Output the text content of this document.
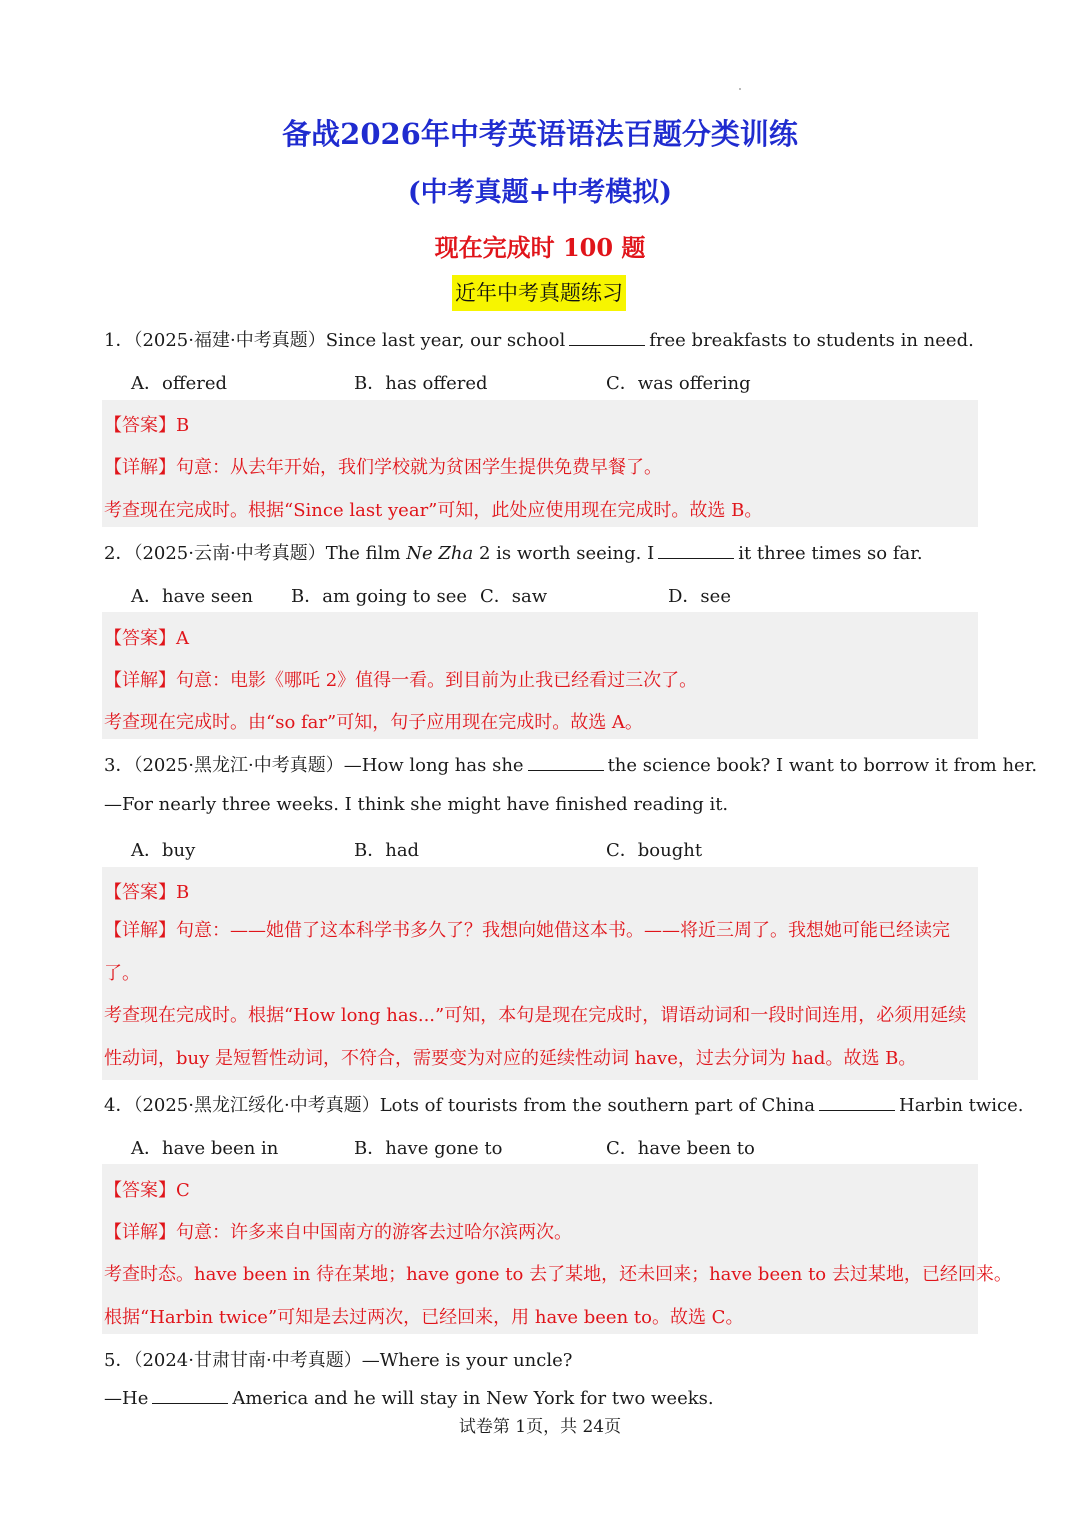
备战2026年中考英语语法百题分类训练
(中考真题+中考模拟)
现在完成时 100 题
近年中考真题练习
1．（2025·福建·中考真题）Since last year, our school	free breakfasts to students in need.
A．offered	B．has offered	C．was offering
【答案】B
【详解】句意：从去年开始，我们学校就为贫困学生提供免费早餐了。
考查现在完成时。根据“Since last year”可知，此处应使用现在完成时。故选 B。
2．（2025·云南·中考真题）The film Ne Zha 2 is worth seeing. I	it three times so far.
A．have seen B．am going to see C．saw	D．see
【答案】A
【详解】句意：电影《哪吒 2》值得一看。到目前为止我已经看过三次了。
考查现在完成时。由“so far”可知，句子应用现在完成时。故选 A。
3．（2025·黑龙江·中考真题）—How long has she	the science book? I want to borrow it from her.
—For nearly three weeks. I think she might have finished reading it.
A．buy	B．had	C．bought
【答案】B
【详解】句意：——她借了这本科学书多久了？我想向她借这本书。——将近三周了。我想她可能已经读完了。
考查现在完成时。根据“How long has...”可知，本句是现在完成时，谓语动词和一段时间连用，必须用延续性动词，buy 是短暂性动词，不符合，需要变为对应的延续性动词 have，过去分词为 had。故选 B。
4．（2025·黑龙江绥化·中考真题）Lots of tourists from the southern part of China	Harbin twice.
A．have been in	B．have gone to	C．have been to
【答案】C
【详解】句意：许多来自中国南方的游客去过哈尔滨两次。
考查时态。have been in 待在某地；have gone to 去了某地，还未回来；have been to 去过某地，已经回来。
根据“Harbin twice”可知是去过两次，已经回来，用 have been to。故选 C。
5．（2024·甘肃甘南·中考真题）—Where is your uncle?
—He	America and he will stay in New York for two weeks.
试卷第 1页，共 24页
